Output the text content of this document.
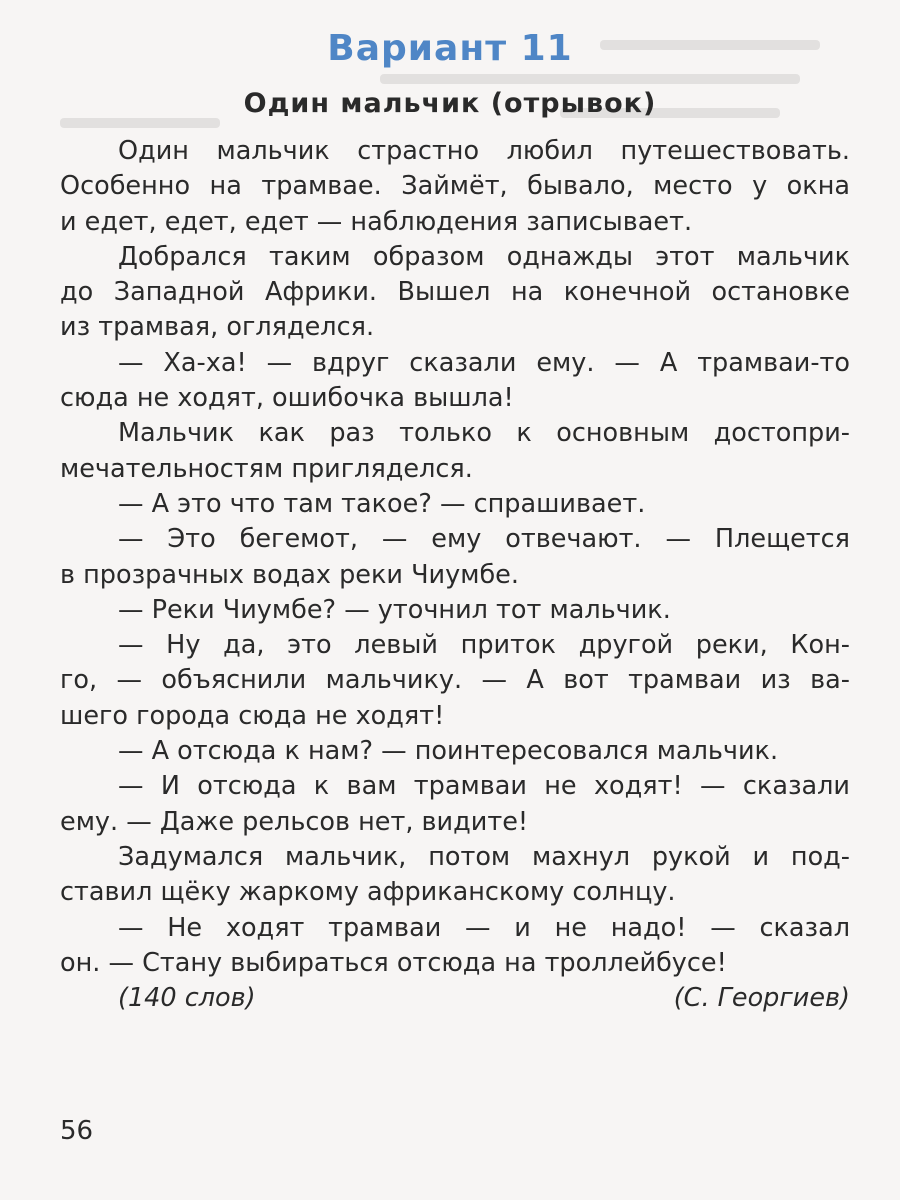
Вариант 11
Один мальчик (отрывок)
Один мальчик страстно любил путешествовать.
Особенно на трамвае. Займёт, бывало, место у окна
и едет, едет, едет — наблюдения записывает.
Добрался таким образом однажды этот мальчик
до Западной Африки. Вышел на конечной остановке
из трамвая, огляделся.
— Ха-ха! — вдруг сказали ему. — А трамваи-то
сюда не ходят, ошибочка вышла!
Мальчик как раз только к основным достопри-
мечательностям пригляделся.
— А это что там такое? — спрашивает.
— Это бегемот, — ему отвечают. — Плещется
в прозрачных водах реки Чиумбе.
— Реки Чиумбе? — уточнил тот мальчик.
— Ну да, это левый приток другой реки, Кон-
го, — объяснили мальчику. — А вот трамваи из ва-
шего города сюда не ходят!
— А отсюда к нам? — поинтересовался мальчик.
— И отсюда к вам трамваи не ходят! — сказали
ему. — Даже рельсов нет, видите!
Задумался мальчик, потом махнул рукой и под-
ставил щёку жаркому африканскому солнцу.
— Не ходят трамваи — и не надо! — сказал
он. — Стану выбираться отсюда на троллейбусе!
(140 слов)	(С. Георгиев)
56
